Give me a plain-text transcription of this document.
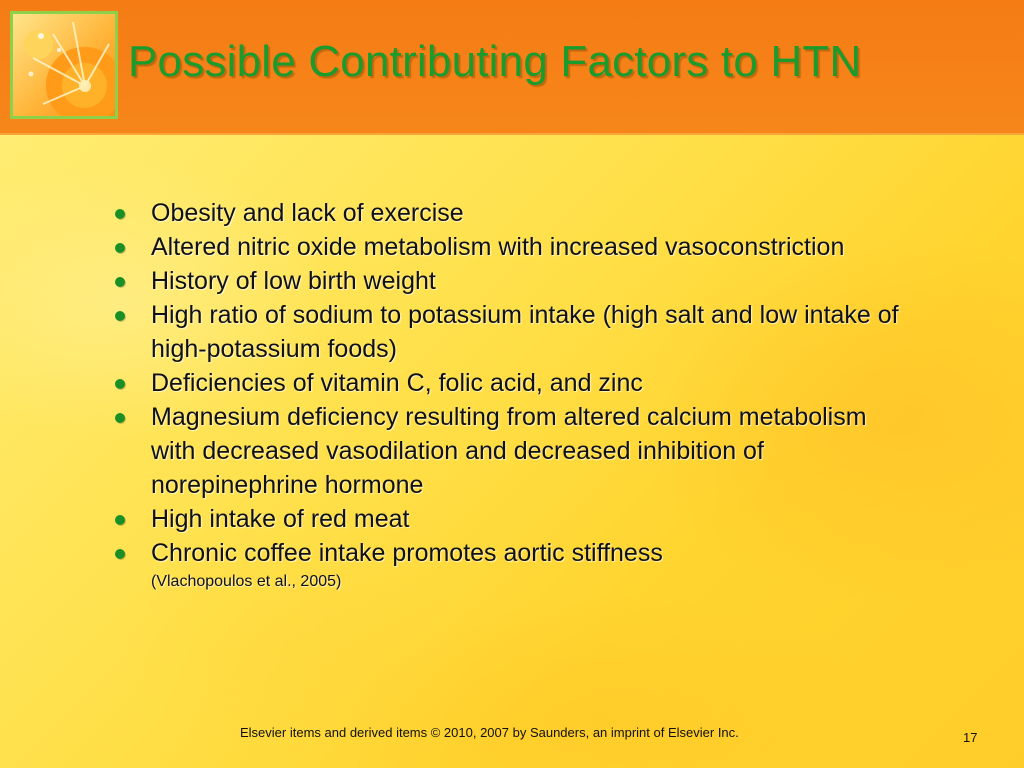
Possible Contributing Factors to HTN
Obesity and lack of exercise
Altered nitric oxide metabolism with increased vasoconstriction
History of low birth weight
High ratio of sodium to potassium intake (high salt and low intake of high-potassium foods)
Deficiencies of vitamin C, folic acid, and zinc
Magnesium deficiency resulting from altered calcium metabolism with decreased vasodilation and decreased inhibition of norepinephrine hormone
High intake of red meat
Chronic coffee intake promotes aortic stiffness
(Vlachopoulos et al., 2005)
Elsevier items and derived items © 2010, 2007 by Saunders, an imprint of Elsevier Inc.	17
